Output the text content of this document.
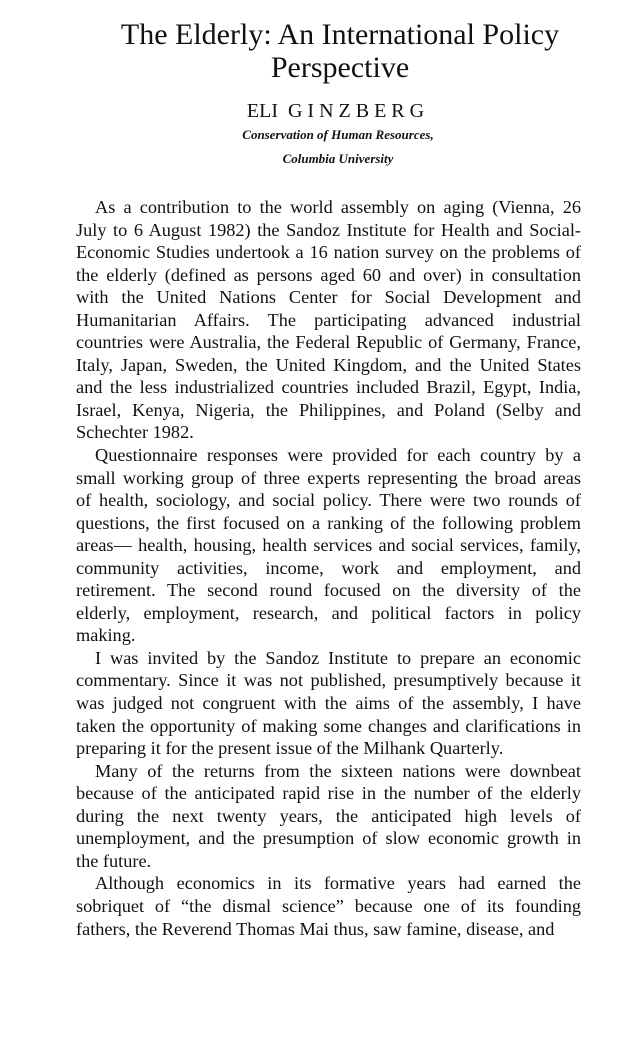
The Elderly: An International Policy
Perspective
ELI GINZBERG
Conservation of Human Resources,
Columbia University
As a contribution to the world assembly on aging (Vienna, 26
July to 6 August 1982) the Sandoz Institute for Health and Social-
Economic Studies undertook a 16 nation survey on the problems of
the elderly (defined as persons aged 60 and over) in consultation
with the United Nations Center for Social Development and
Humanitarian Affairs. The participating advanced industrial
countries were Australia, the Federal Republic of Germany, France,
Italy, Japan, Sweden, the United Kingdom, and the United States
and the less industrialized countries included Brazil, Egypt, India,
Israel, Kenya, Nigeria, the Philippines, and Poland (Selby and
Schechter 1982.
Questionnaire responses were provided for each country by a
small working group of three experts representing the broad areas
of health, sociology, and social policy. There were two rounds of
questions, the first focused on a ranking of the following problem
areas— health, housing, health services and social services, family,
community activities, income, work and employment, and
retirement. The second round focused on the diversity of the
elderly, employment, research, and political factors in policy
making.
I was invited by the Sandoz Institute to prepare an economic
commentary. Since it was not published, presumptively because it
was judged not congruent with the aims of the assembly, I have
taken the opportunity of making some changes and clarifications in
preparing it for the present issue of the Milhank Quarterly.
Many of the returns from the sixteen nations were downbeat
because of the anticipated rapid rise in the number of the elderly
during the next twenty years, the anticipated high levels of
unemployment, and the presumption of slow economic growth in
the future.
Although economics in its formative years had earned the
sobriquet of “the dismal science” because one of its founding
fathers, the Reverend Thomas Mai thus, saw famine, disease, and
